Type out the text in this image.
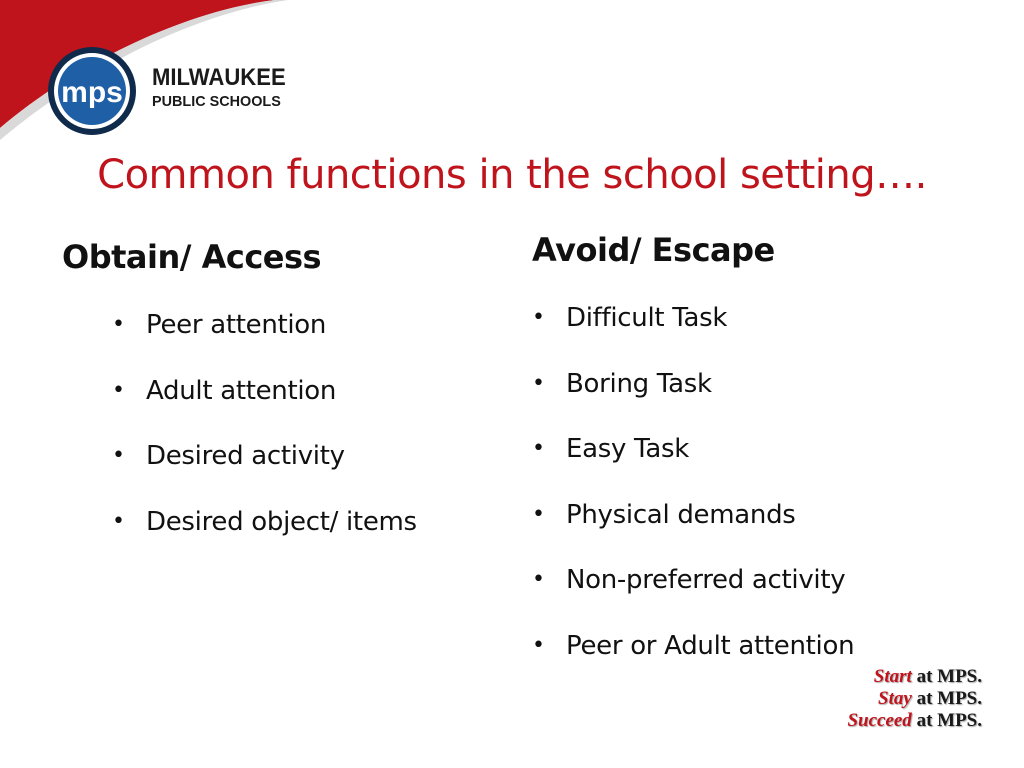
mps MILWAUKEE
PUBLIC SCHOOLS
Common functions in the school setting….
Obtain/ Access
• Peer attention
• Adult attention
• Desired activity
• Desired object/ items
Avoid/ Escape
• Difficult Task
• Boring Task
• Easy Task
• Physical demands
• Non-preferred activity
• Peer or Adult attention
Start at MPS.
Stay at MPS.
Succeed at MPS.
